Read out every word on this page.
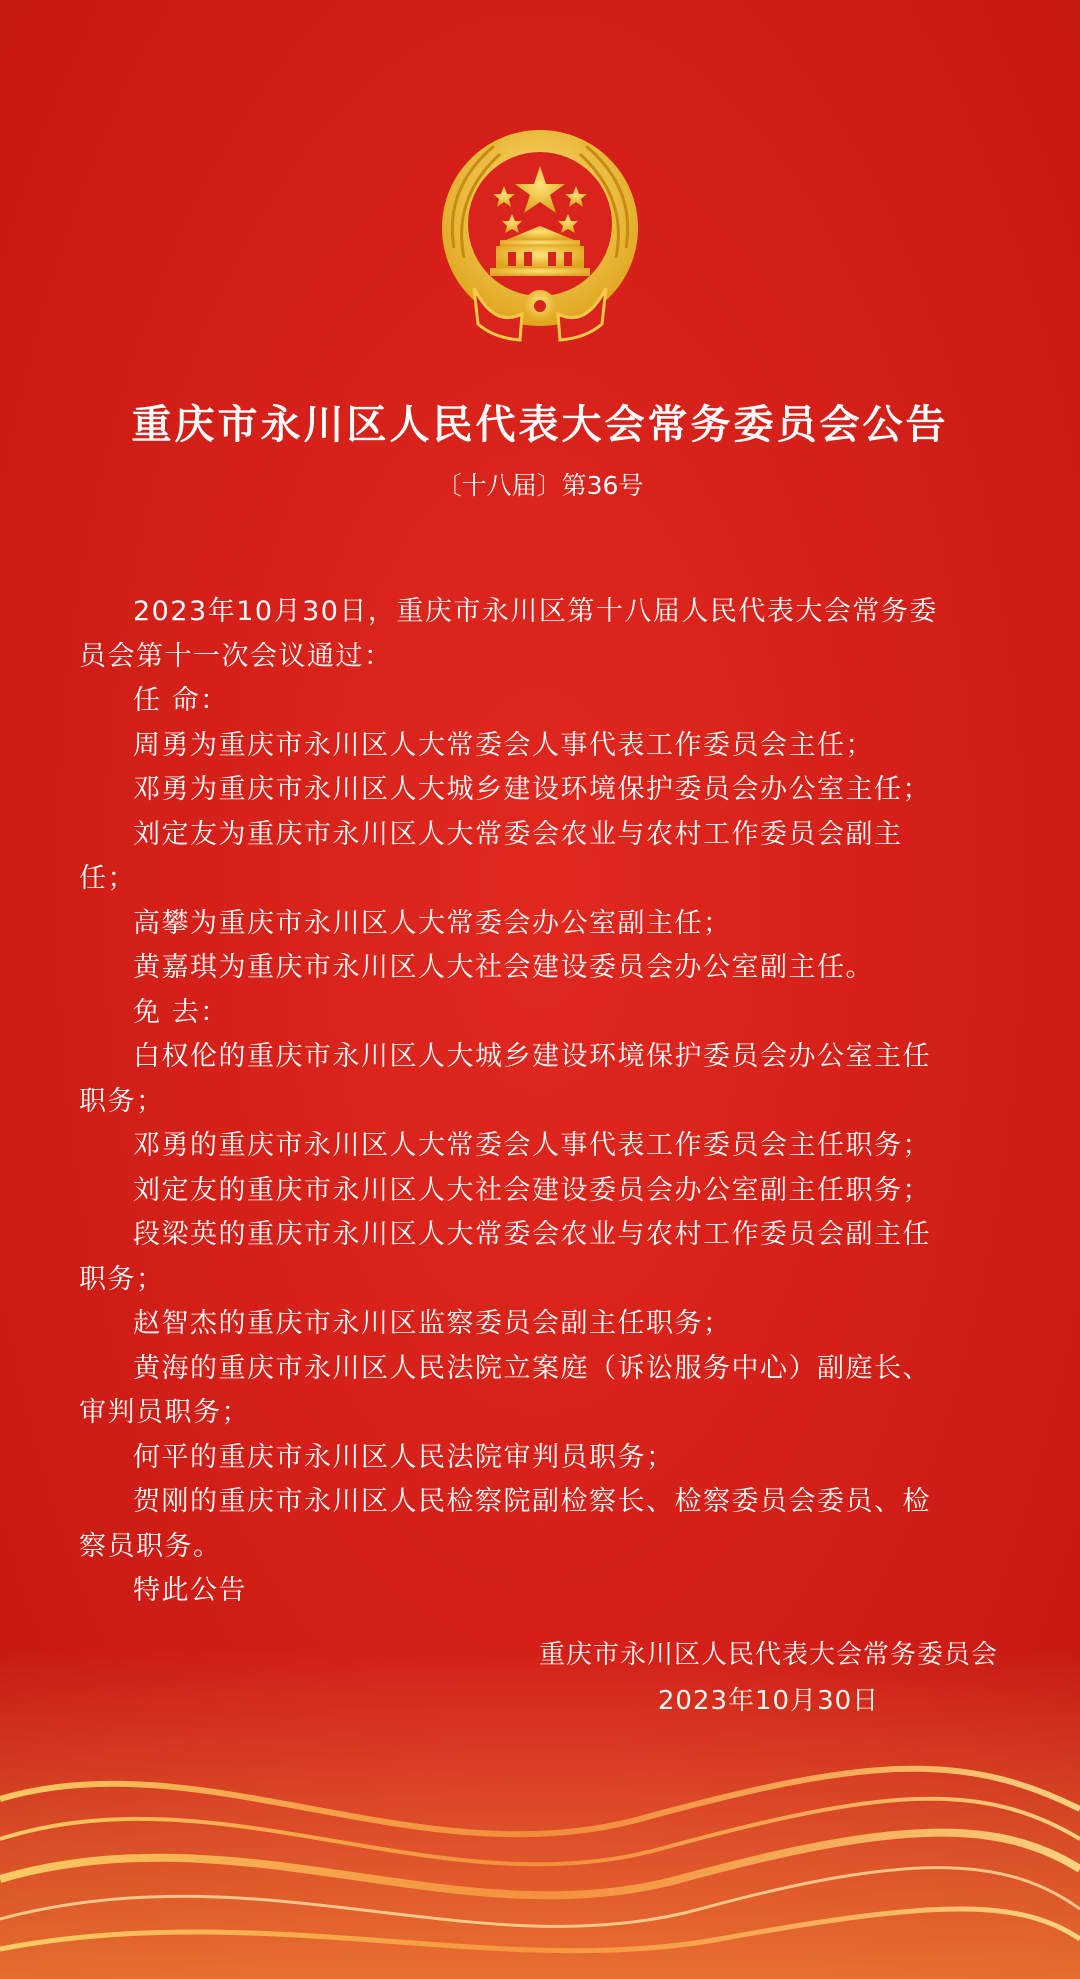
重庆市永川区人民代表大会常务委员会公告
〔十八届〕第36号

2023年10月30日，重庆市永川区第十八届人民代表大会常务委

员会第十一次会议通过：

任 命：

周勇为重庆市永川区人大常委会人事代表工作委员会主任；

邓勇为重庆市永川区人大城乡建设环境保护委员会办公室主任；

刘定友为重庆市永川区人大常委会农业与农村工作委员会副主

任；

高攀为重庆市永川区人大常委会办公室副主任；

黄嘉琪为重庆市永川区人大社会建设委员会办公室副主任。

免 去：

白权伦的重庆市永川区人大城乡建设环境保护委员会办公室主任

职务；

邓勇的重庆市永川区人大常委会人事代表工作委员会主任职务；

刘定友的重庆市永川区人大社会建设委员会办公室副主任职务；

段梁英的重庆市永川区人大常委会农业与农村工作委员会副主任

职务；

赵智杰的重庆市永川区监察委员会副主任职务；

黄海的重庆市永川区人民法院立案庭（诉讼服务中心）副庭长、

审判员职务；

何平的重庆市永川区人民法院审判员职务；

贺刚的重庆市永川区人民检察院副检察长、检察委员会委员、检

察员职务。

特此公告
